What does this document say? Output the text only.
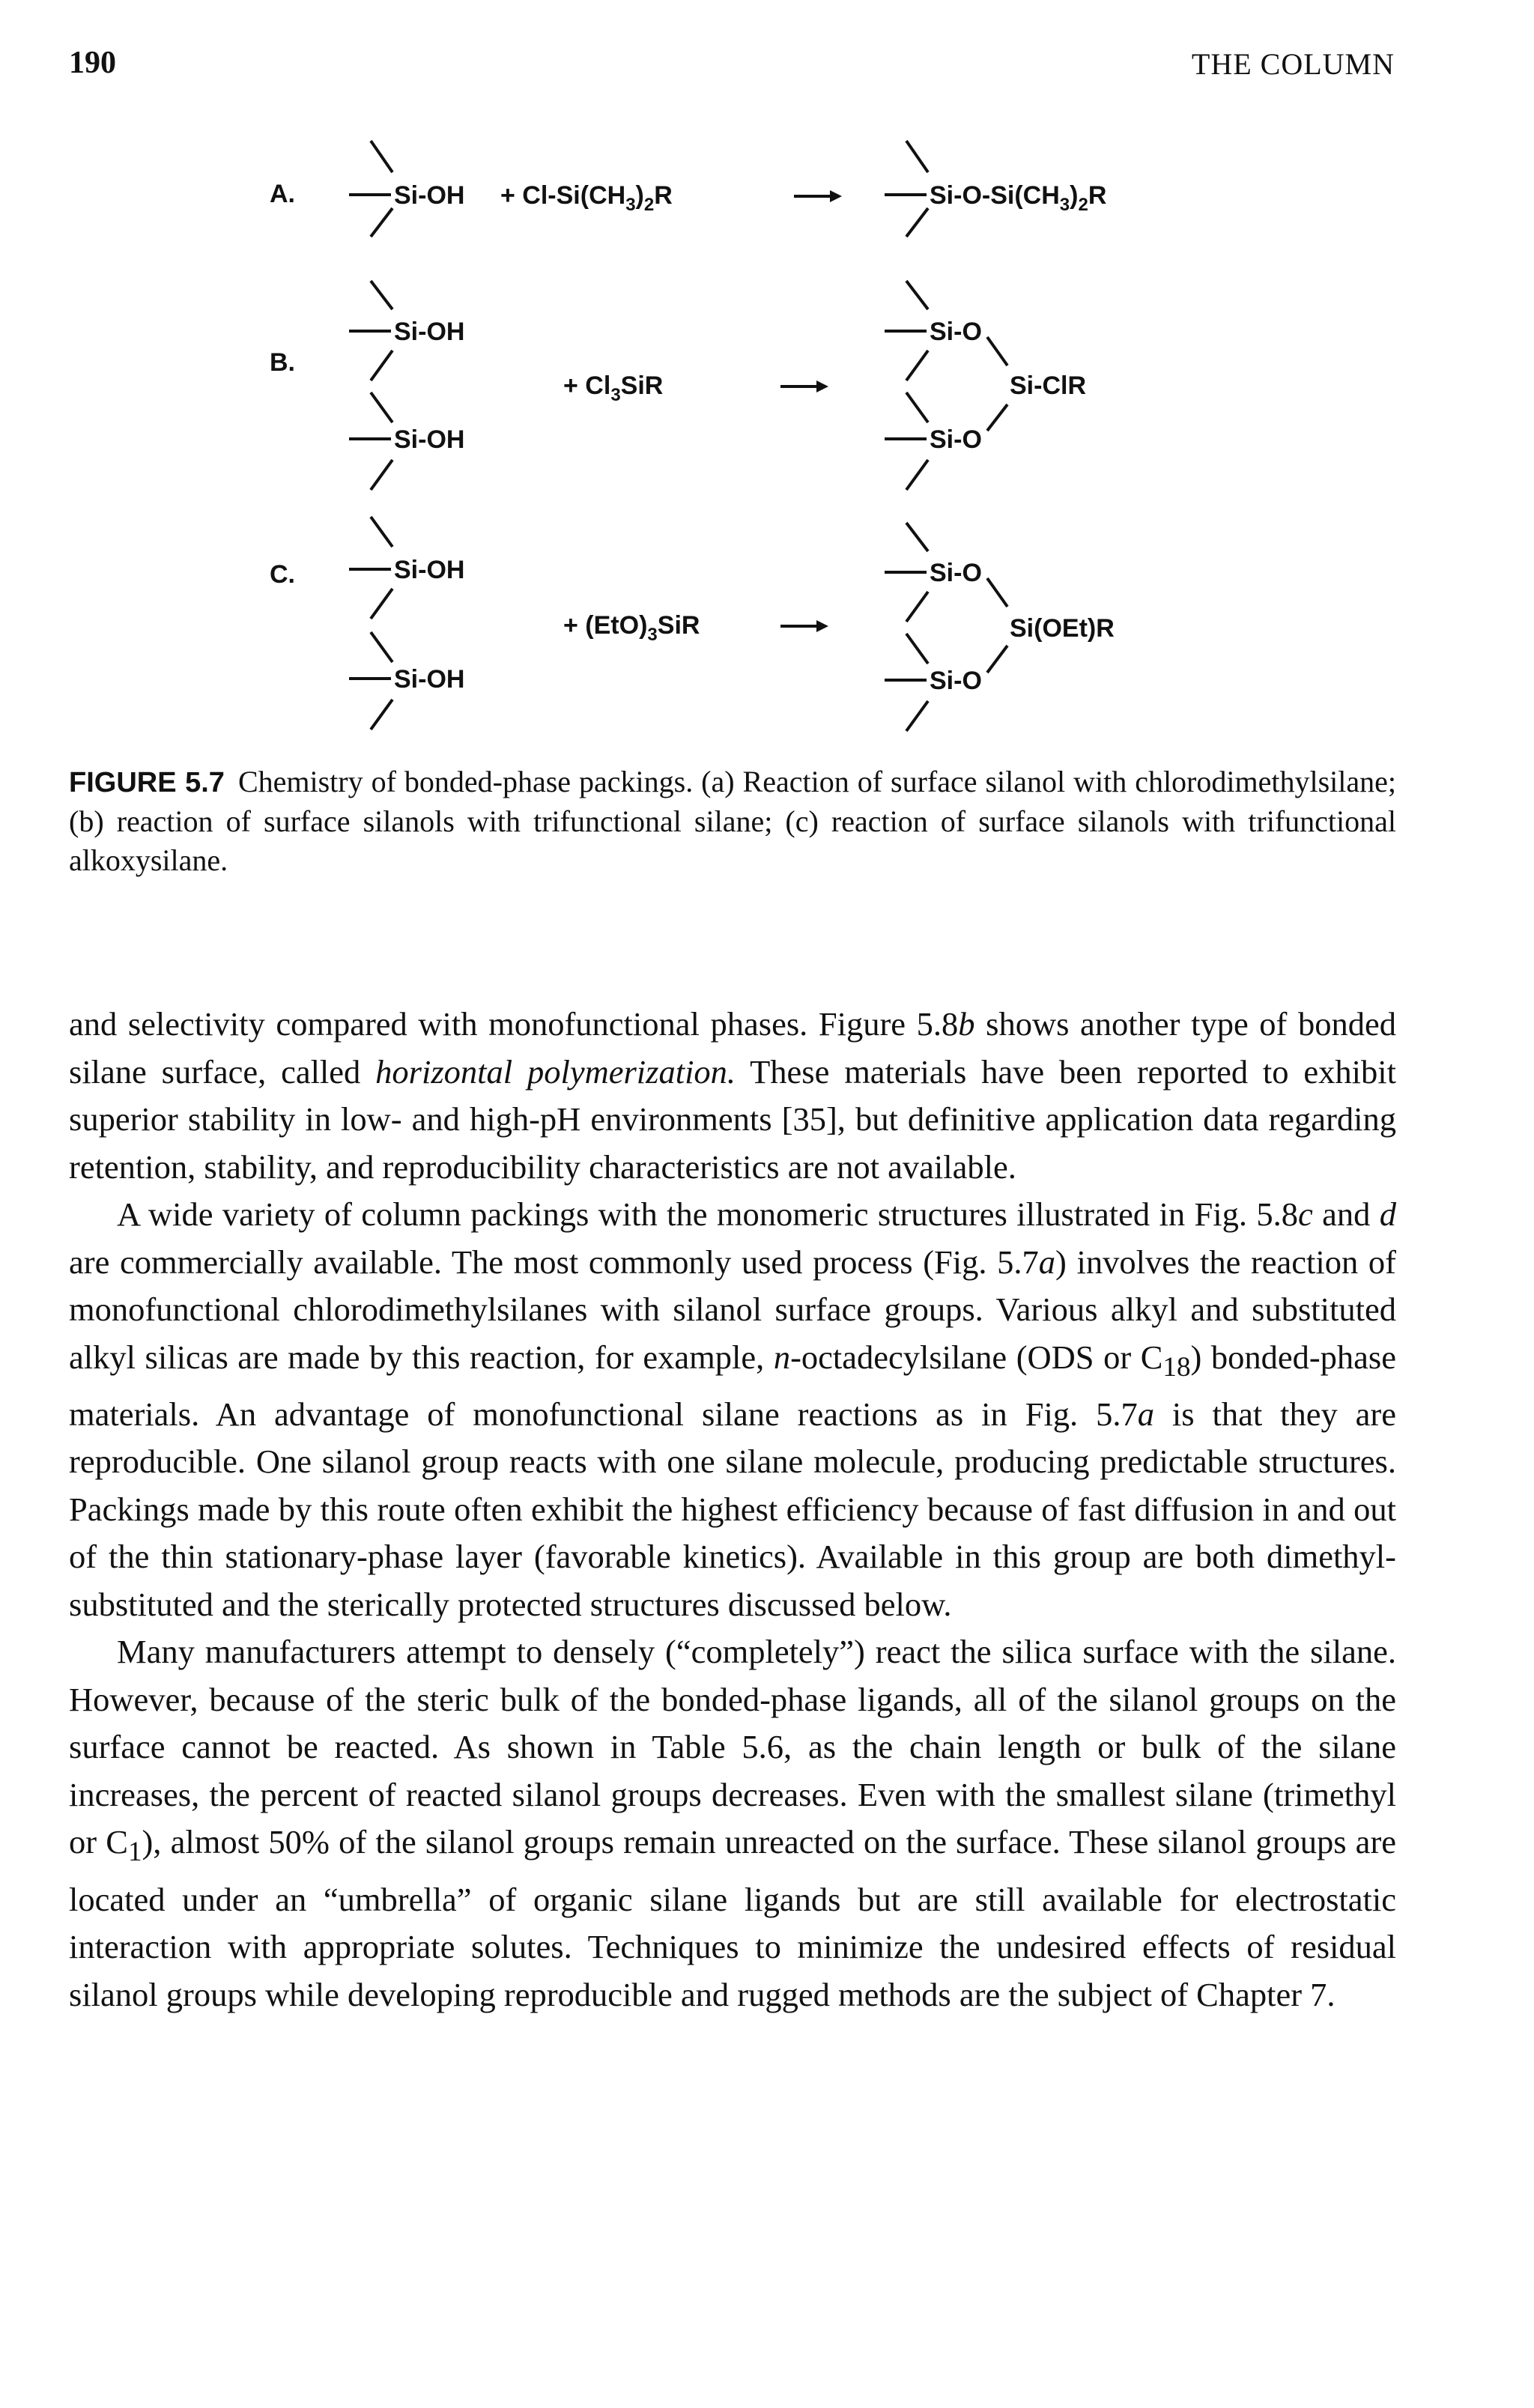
190	THE COLUMN
A.	$Si-OH + Cl-Si(CH_3)_2R$	$Si-O-Si(CH_3)_2R$
B.
Si-OH
Si-OH
+ $Cl_3SiR$
Si-O
Si-O
Si-ClR
C.	Si-OH
Si-OH
+ $(EtO)_3SiR$
Si-O
Si-O
Si(OEt)R
FIGURE 5.7 Chemistry of bonded-phase packings. (a) Reaction of surface silanol with chlorodimethylsilane; (b) reaction of surface silanols with trifunctional silane; (c) reaction of surface silanols with trifunctional alkoxysilane.

and selectivity compared with monofunctional phases. Figure 5.8b shows another type of bonded silane surface, called horizontal polymerization. These materials have been reported to exhibit superior stability in low- and high-pH environments [35], but definitive application data regarding retention, stability, and reproducibility characteristics are not available.

A wide variety of column packings with the monomeric structures illustrated in Fig. 5.8c and d are commercially available. The most commonly used process (Fig. 5.7a) involves the reaction of monofunctional chlorodimethylsilanes with silanol surface groups. Various alkyl and substituted alkyl silicas are made by this reaction, for example, n-octadecylsilane (ODS or $C_{18}$) bonded-phase materials. An advantage of monofunctional silane reactions as in Fig. 5.7a is that they are reproducible. One silanol group reacts with one silane molecule, producing predictable structures. Packings made by this route often exhibit the highest efficiency because of fast diffusion in and out of the thin stationary-phase layer (favorable kinetics). Available in this group are both dimethyl-substituted and the sterically protected structures discussed below.

Many manufacturers attempt to densely (“completely”) react the silica surface with the silane. However, because of the steric bulk of the bonded-phase ligands, all of the silanol groups on the surface cannot be reacted. As shown in Table 5.6, as the chain length or bulk of the silane increases, the percent of reacted silanol groups decreases. Even with the smallest silane (trimethyl or $C_1$), almost 50% of the silanol groups remain unreacted on the surface. These silanol groups are located under an “umbrella” of organic silane ligands but are still available for electrostatic interaction with appropriate solutes. Techniques to minimize the undesired effects of residual silanol groups while developing reproducible and rugged methods are the subject of Chapter 7.
